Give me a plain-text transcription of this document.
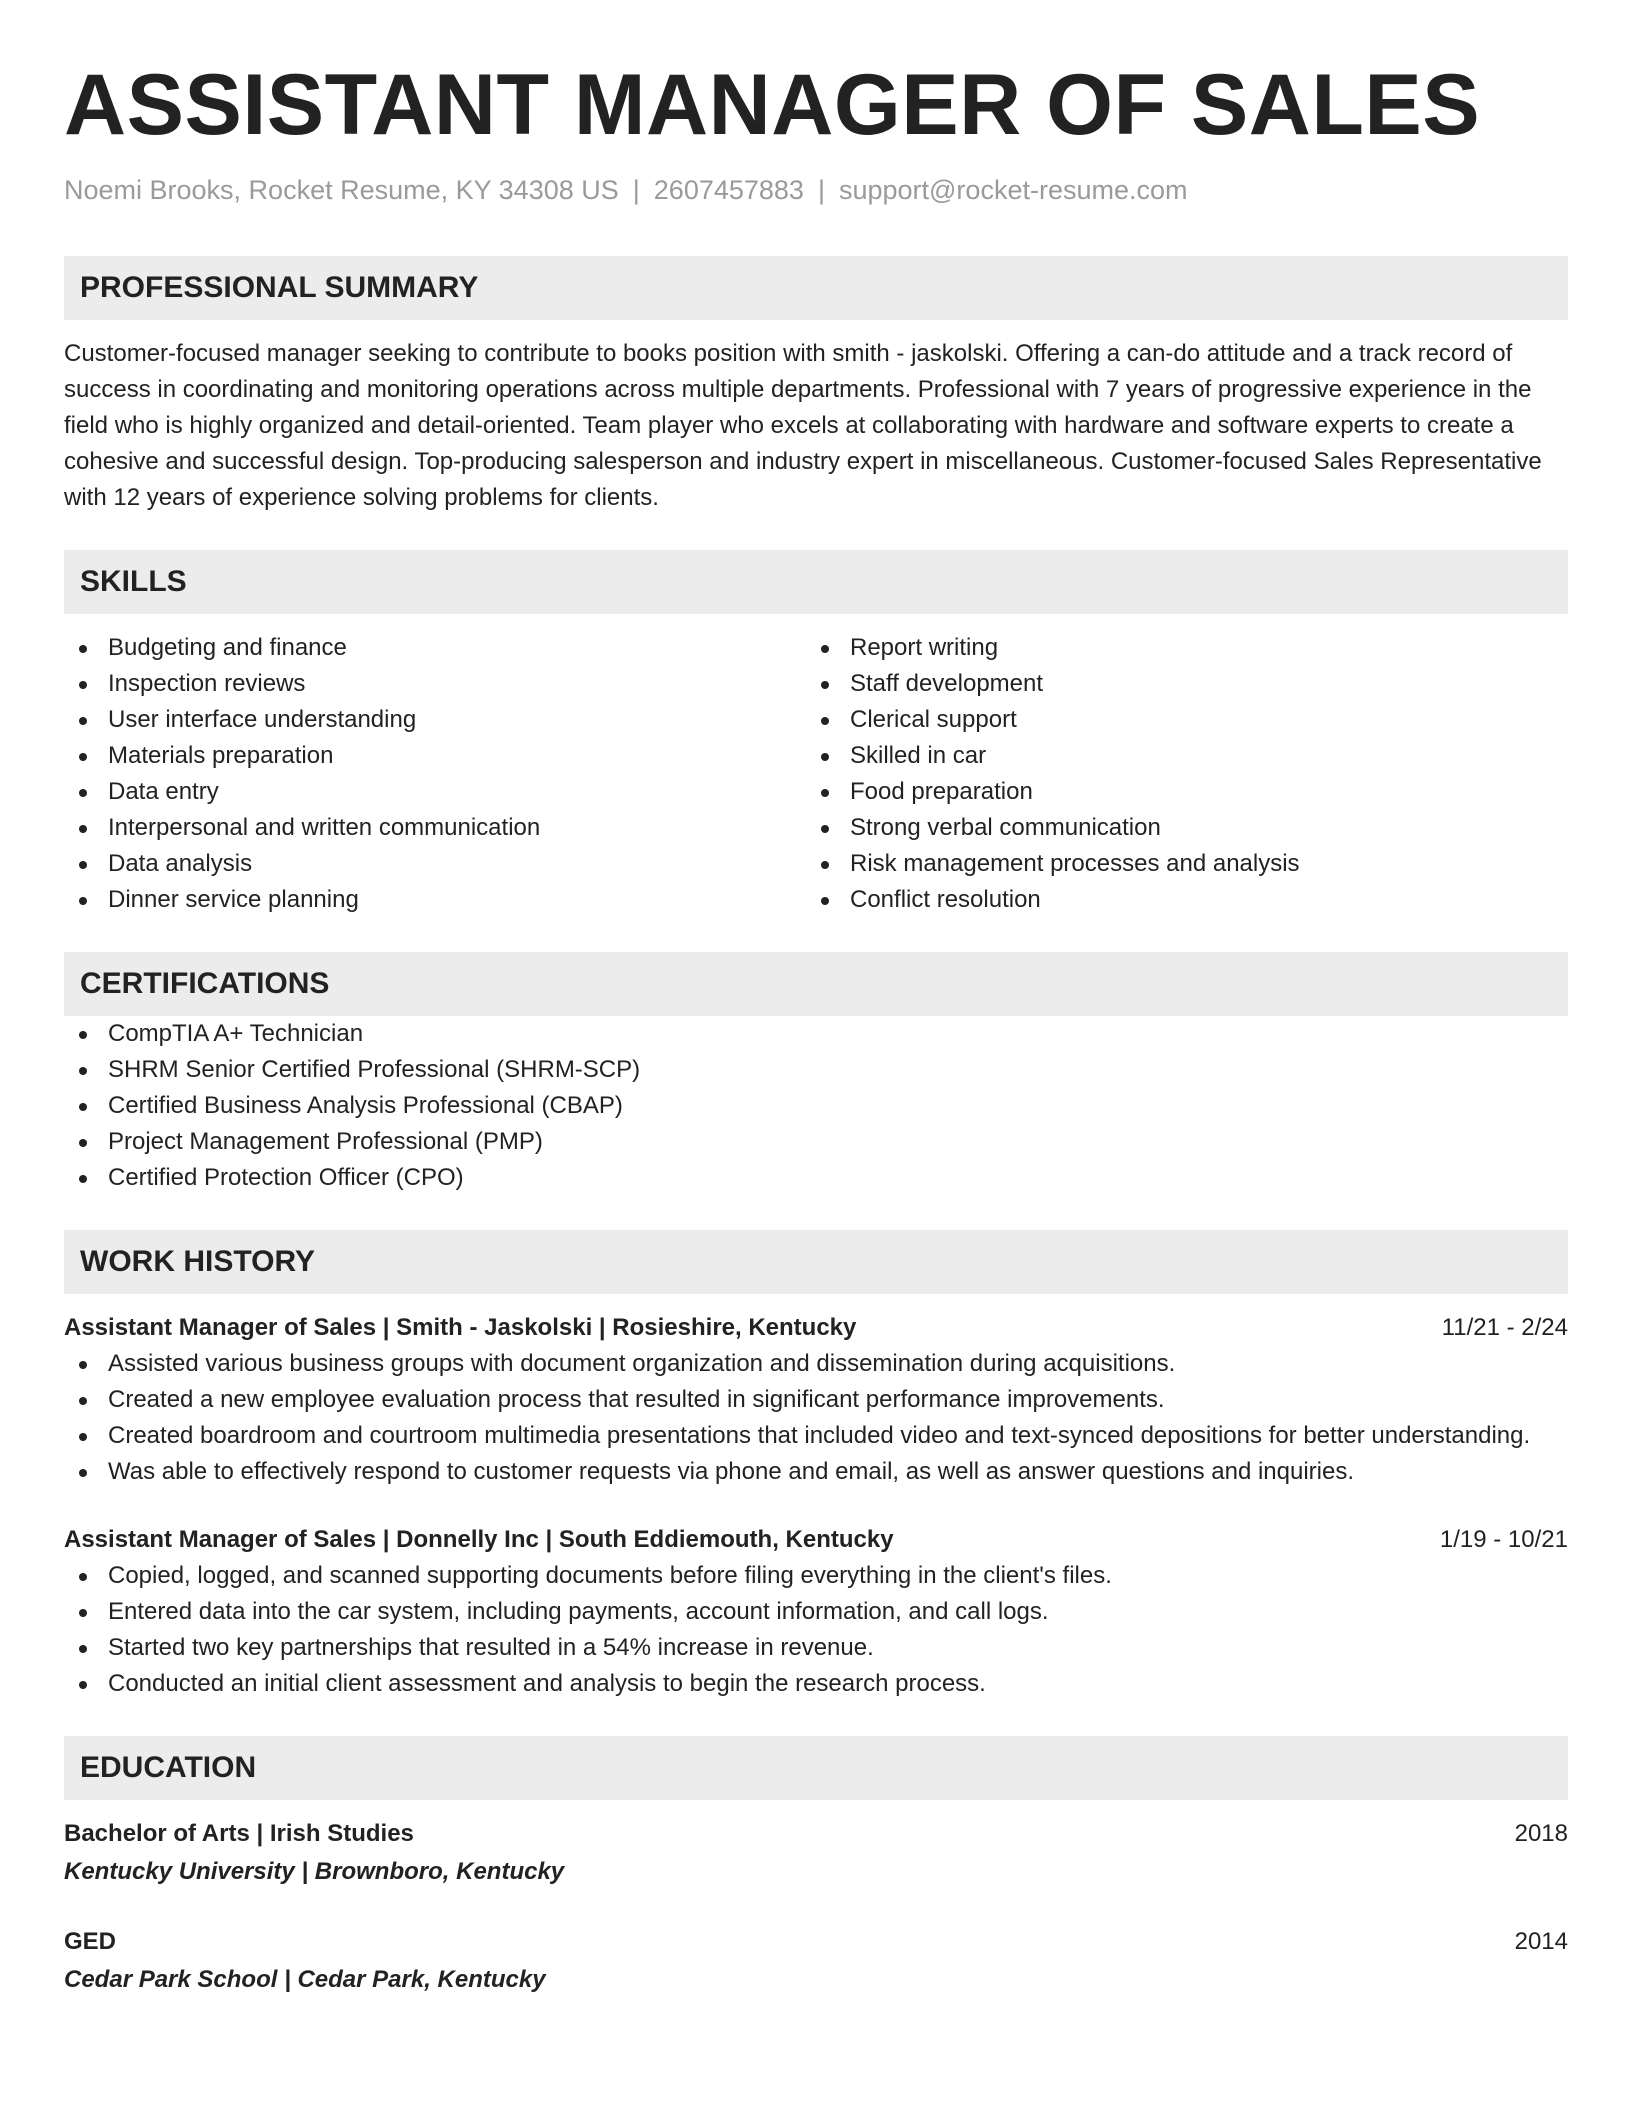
ASSISTANT MANAGER OF SALES
Noemi Brooks, Rocket Resume, KY 34308 US | 2607457883 | support@rocket-resume.com
PROFESSIONAL SUMMARY
Customer-focused manager seeking to contribute to books position with smith - jaskolski. Offering a can-do attitude and a track record of success in coordinating and monitoring operations across multiple departments. Professional with 7 years of progressive experience in the field who is highly organized and detail-oriented. Team player who excels at collaborating with hardware and software experts to create a cohesive and successful design. Top-producing salesperson and industry expert in miscellaneous. Customer-focused Sales Representative with 12 years of experience solving problems for clients.
SKILLS
Budgeting and finance
Inspection reviews
User interface understanding
Materials preparation
Data entry
Interpersonal and written communication
Data analysis
Dinner service planning
Report writing
Staff development
Clerical support
Skilled in car
Food preparation
Strong verbal communication
Risk management processes and analysis
Conflict resolution
CERTIFICATIONS
CompTIA A+ Technician
SHRM Senior Certified Professional (SHRM-SCP)
Certified Business Analysis Professional (CBAP)
Project Management Professional (PMP)
Certified Protection Officer (CPO)
WORK HISTORY
Assistant Manager of Sales | Smith - Jaskolski | Rosieshire, Kentucky	11/21 - 2/24
Assisted various business groups with document organization and dissemination during acquisitions.
Created a new employee evaluation process that resulted in significant performance improvements.
Created boardroom and courtroom multimedia presentations that included video and text-synced depositions for better understanding.
Was able to effectively respond to customer requests via phone and email, as well as answer questions and inquiries.
Assistant Manager of Sales | Donnelly Inc | South Eddiemouth, Kentucky	1/19 - 10/21
Copied, logged, and scanned supporting documents before filing everything in the client's files.
Entered data into the car system, including payments, account information, and call logs.
Started two key partnerships that resulted in a 54% increase in revenue.
Conducted an initial client assessment and analysis to begin the research process.
EDUCATION
Bachelor of Arts | Irish Studies	2018
Kentucky University | Brownboro, Kentucky
GED	2014
Cedar Park School | Cedar Park, Kentucky
